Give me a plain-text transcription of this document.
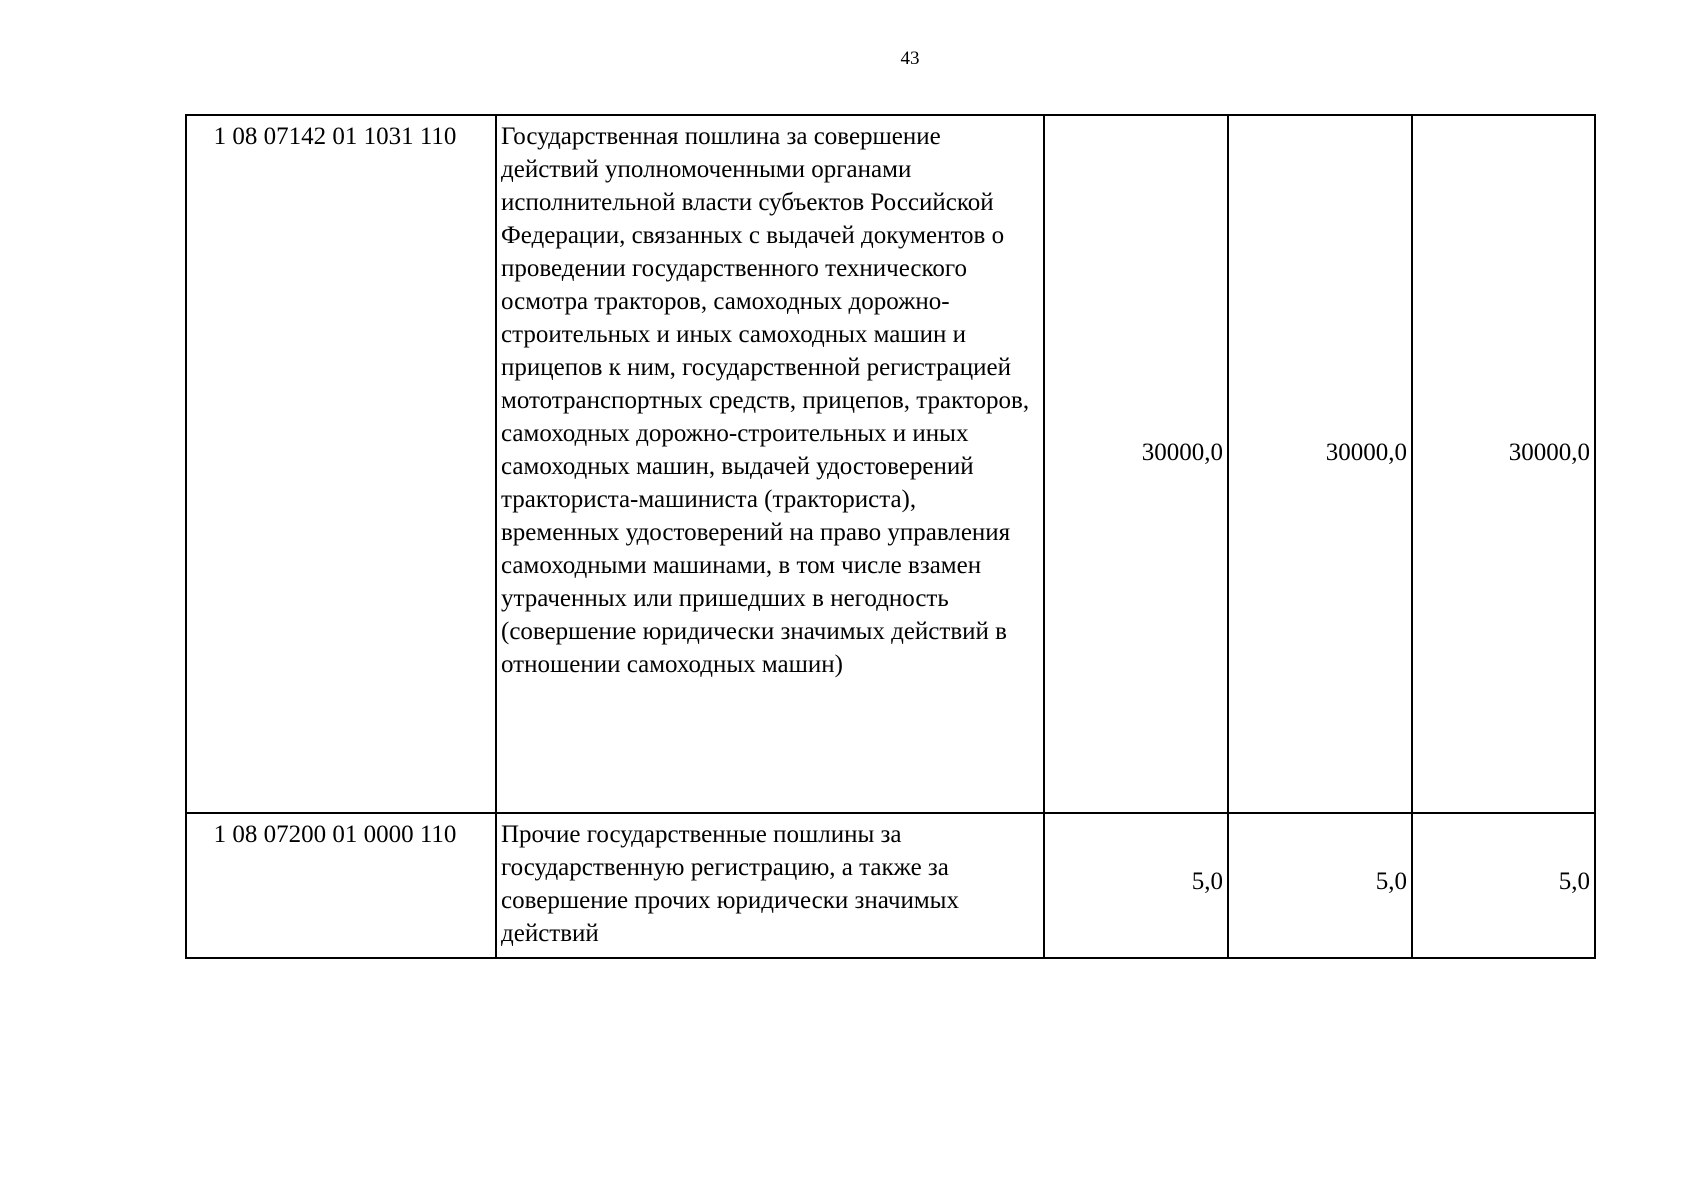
43
1 08 07142 01 1031 110	Государственная пошлина за совершение действий уполномоченными органами исполнительной власти субъектов Российской Федерации, связанных с выдачей документов о проведении государственного технического осмотра тракторов, самоходных дорожно-строительных и иных самоходных машин и прицепов к ним, государственной регистрацией мототранспортных средств, прицепов, тракторов, самоходных дорожно-строительных и иных самоходных машин, выдачей удостоверений тракториста-машиниста (тракториста), временных удостоверений на право управления самоходными машинами, в том числе взамен утраченных или пришедших в негодность (совершение юридически значимых действий в отношении самоходных машин)	30000,0	30000,0	30000,0
1 08 07200 01 0000 110	Прочие государственные пошлины за государственную регистрацию, а также за совершение прочих юридически значимых действий	5,0	5,0	5,0
